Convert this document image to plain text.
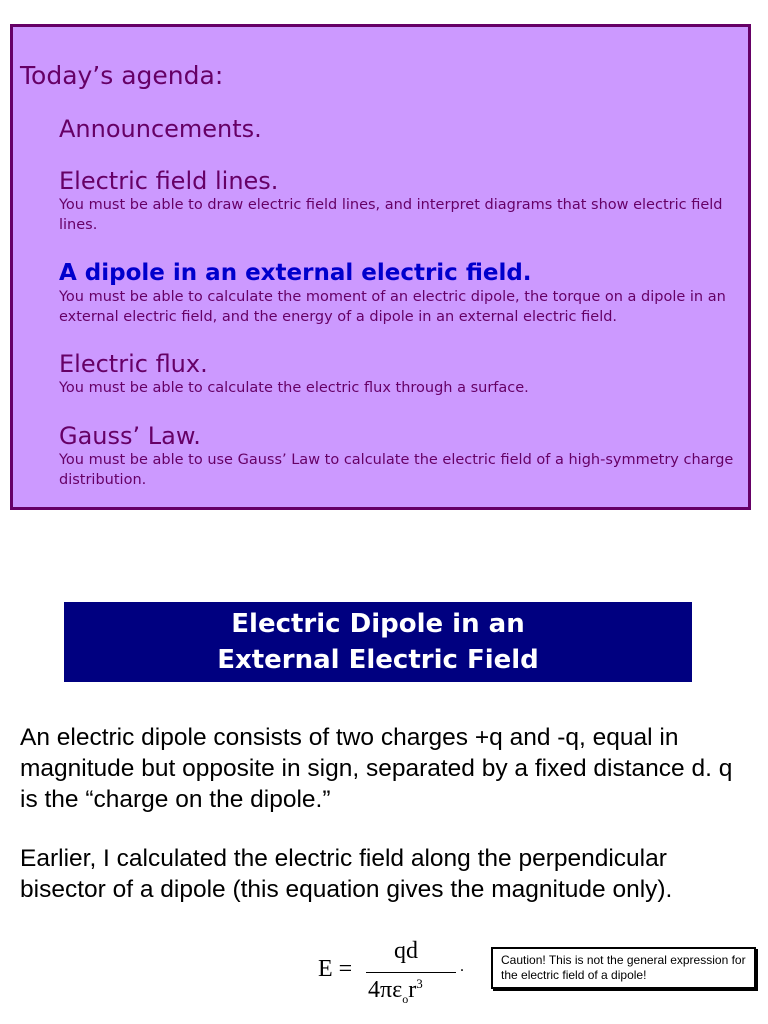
Today’s agenda:
Announcements.
Electric field lines.
You must be able to draw electric field lines, and interpret diagrams that show electric field lines.
A dipole in an external electric field.
You must be able to calculate the moment of an electric dipole, the torque on a dipole in an external electric field, and the energy of a dipole in an external electric field.
Electric flux.
You must be able to calculate the electric flux through a surface.
Gauss’ Law.
You must be able to use Gauss’ Law to calculate the electric field of a high-symmetry charge distribution.
Electric Dipole in an
External Electric Field
An electric dipole consists of two charges +q and -q, equal in magnitude but opposite in sign, separated by a fixed distance d. q is the “charge on the dipole.”
Earlier, I calculated the electric field along the perpendicular bisector of a dipole (this equation gives the magnitude only).
E =
qd
$4\pi\varepsilon_or^3$
.	Caution! This is not the general expression for the electric field of a dipole!
